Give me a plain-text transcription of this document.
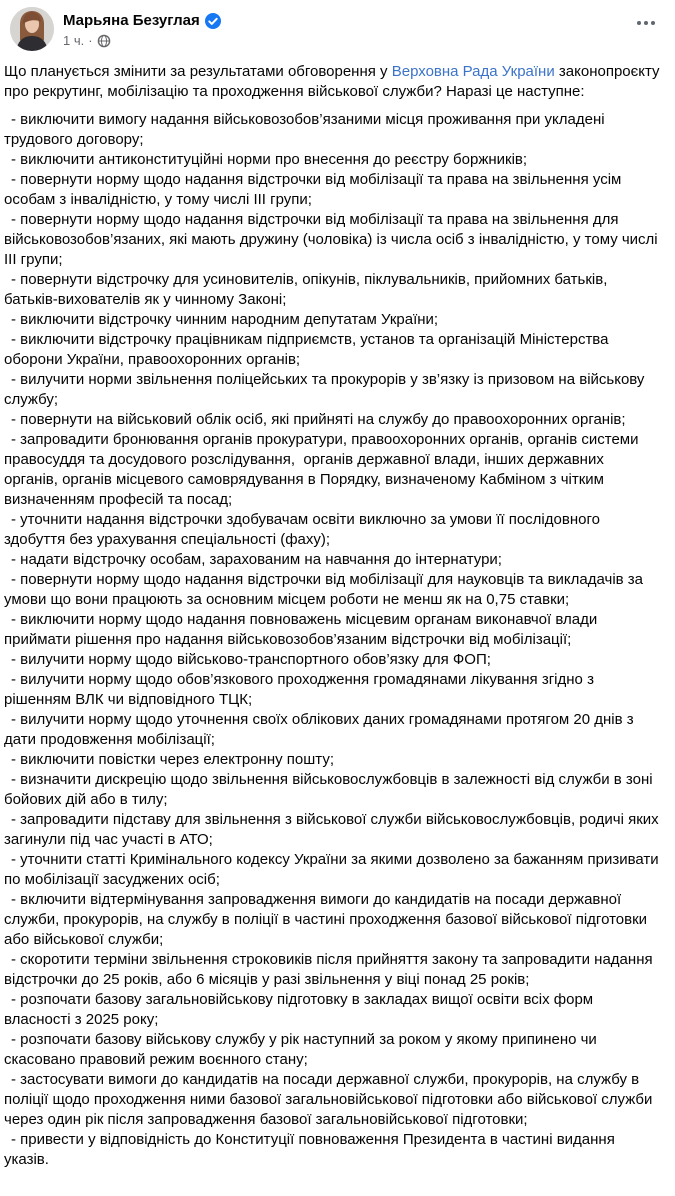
Марьяна Безуглая
1 ч. ·

Що планується змінити за результатами обговорення у Верховна Рада України законопроєкту про рекрутинг, мобілізацію та проходження військової служби? Наразі це наступне:

- виключити вимогу надання військовозобов’язаними місця проживання при укладені трудового договору;
- виключити антиконституційні норми про внесення до реєстру боржників;
- повернути норму щодо надання відстрочки від мобілізації та права на звільнення усім особам з інвалідністю, у тому числі III групи;
- повернути норму щодо надання відстрочки від мобілізації та права на звільнення для військовозобов’язаних, які мають дружину (чоловіка) із числа осіб з інвалідністю, у тому числі III групи;
- повернути відстрочку для усиновителів, опікунів, піклувальників, прийомних батьків, батьків-вихователів як у чинному Законі;
- виключити відстрочку чинним народним депутатам України;
- виключити відстрочку працівникам підприємств, установ та організацій Міністерства оборони України, правоохоронних органів;
- вилучити норми звільнення поліцейських та прокурорів у зв’язку із призовом на військову службу;
- повернути на військовий облік осіб, які прийняті на службу до правоохоронних органів;
- запровадити бронювання органів прокуратури, правоохоронних органів, органів системи правосуддя та досудового розслідування,  органів державної влади, інших державних органів, органів місцевого самоврядування в Порядку, визначеному Кабміном з чітким визначенням професій та посад;
- уточнити надання відстрочки здобувачам освіти виключно за умови її послідовного здобуття без урахування спеціальності (фаху);
- надати відстрочку особам, зарахованим на навчання до інтернатури;
- повернути норму щодо надання відстрочки від мобілізації для науковців та викладачів за умови що вони працюють за основним місцем роботи не менш як на 0,75 ставки;
- виключити норму щодо надання повноважень місцевим органам виконавчої влади приймати рішення про надання військовозобов’язаним відстрочки від мобілізації;
- вилучити норму щодо військово-транспортного обов’язку для ФОП;
- вилучити норму щодо обов’язкового проходження громадянами лікування згідно з рішенням ВЛК чи відповідного ТЦК;
- вилучити норму щодо уточнення своїх облікових даних громадянами протягом 20 днів з дати продовження мобілізації;
- виключити повістки через електронну пошту;
- визначити дискрецію щодо звільнення військовослужбовців в залежності від служби в зоні бойових дій або в тилу;
- запровадити підставу для звільнення з військової служби військовослужбовців, родичі яких загинули під час участі в АТО;
- уточнити статті Кримінального кодексу України за якими дозволено за бажанням призивати по мобілізації засуджених осіб;
- включити відтермінування запровадження вимоги до кандидатів на посади державної служби, прокурорів, на службу в поліції в частині проходження базової військової підготовки або військової служби;
- скоротити терміни звільнення строковиків після прийняття закону та запровадити надання відстрочки до 25 років, або 6 місяців у разі звільнення у віці понад 25 років;
- розпочати базову загальновійськову підготовку в закладах вищої освіти всіх форм власності з 2025 року;
- розпочати базову військову службу у рік наступний за роком у якому припинено чи скасовано правовий режим воєнного стану;
- застосувати вимоги до кандидатів на посади державної служби, прокурорів, на службу в поліції щодо проходження ними базової загальновійськової підготовки або військової служби через один рік після запровадження базової загальновійськової підготовки;
- привести у відповідність до Конституції повноваження Президента в частині видання указів.
